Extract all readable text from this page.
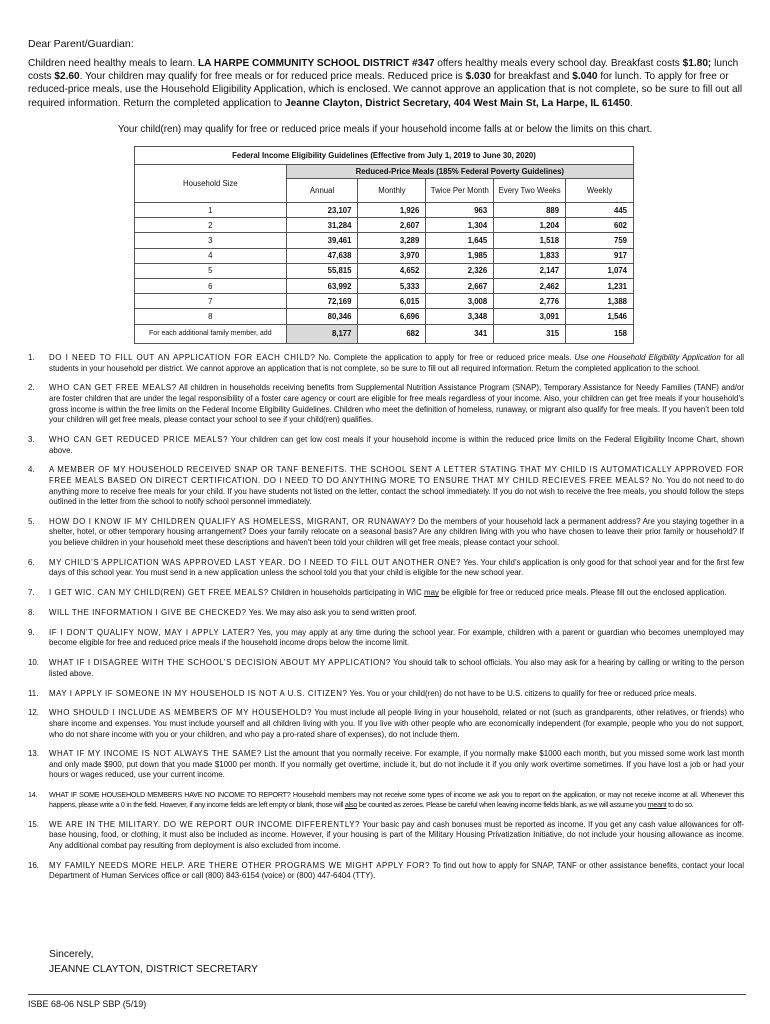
Dear Parent/Guardian:
Children need healthy meals to learn. LA HARPE COMMUNITY SCHOOL DISTRICT #347 offers healthy meals every school day. Breakfast costs $1.80; lunch costs $2.60. Your children may qualify for free meals or for reduced price meals. Reduced price is $.030 for breakfast and $.040 for lunch. To apply for free or reduced-price meals, use the Household Eligibility Application, which is enclosed. We cannot approve an application that is not complete, so be sure to fill out all required information. Return the completed application to Jeanne Clayton, District Secretary, 404 West Main St, La Harpe, IL 61450.
Your child(ren) may qualify for free or reduced price meals if your household income falls at or below the limits on this chart.
Federal Income Eligibility Guidelines (Effective from July 1, 2019 to June 30, 2020)					
Household Size	Reduced-Price Meals (185% Federal Poverty Guidelines)				
	Annual	Monthly	Twice Per Month	Every Two Weeks	Weekly
1	23,107	1,926	963	889	445
2	31,284	2,607	1,304	1,204	602
3	39,461	3,289	1,645	1,518	759
4	47,638	3,970	1,985	1,833	917
5	55,815	4,652	2,326	2,147	1,074
6	63,992	5,333	2,667	2,462	1,231
7	72,169	6,015	3,008	2,776	1,388
8	80,346	6,696	3,348	3,091	1,546
For each additional family member, add	8,177	682	341	315	158
1. DO I NEED TO FILL OUT AN APPLICATION FOR EACH CHILD? No. Complete the application to apply for free or reduced price meals. Use one Household Eligibility Application for all students in your household per district. We cannot approve an application that is not complete, so be sure to fill out all required information. Return the completed application to the school.
2. WHO CAN GET FREE MEALS? All children in households receiving benefits from Supplemental Nutrition Assistance Program (SNAP), Temporary Assistance for Needy Families (TANF) and/or are foster children that are under the legal responsibility of a foster care agency or court are eligible for free meals regardless of your income. Also, your children can get free meals if your household’s gross income is within the free limits on the Federal Income Eligibility Guidelines. Children who meet the definition of homeless, runaway, or migrant also qualify for free meals. If you haven’t been told your children will get free meals, please contact your school to see if your child(ren) qualifies.
3. WHO CAN GET REDUCED PRICE MEALS? Your children can get low cost meals if your household income is within the reduced price limits on the Federal Eligibility Income Chart, shown above.
4. A MEMBER OF MY HOUSEHOLD RECEIVED SNAP OR TANF BENEFITS. THE SCHOOL SENT A LETTER STATING THAT MY CHILD IS AUTOMATICALLY APPROVED FOR FREE MEALS BASED ON DIRECT CERTIFICATION. DO I NEED TO DO ANYTHING MORE TO ENSURE THAT MY CHILD RECIEVES FREE MEALS? No. You do not need to do anything more to receive free meals for your child. If you have students not listed on the letter, contact the school immediately. If you do not wish to receive the free meals, you should follow the steps outlined in the letter from the school to notify school personnel immediately.
5. HOW DO I KNOW IF MY CHILDREN QUALIFY AS HOMELESS, MIGRANT, OR RUNAWAY? Do the members of your household lack a permanent address? Are you staying together in a shelter, hotel, or other temporary housing arrangement? Does your family relocate on a seasonal basis? Are any children living with you who have chosen to leave their prior family or household? If you believe children in your household meet these descriptions and haven’t been told your children will get free meals, please contact your school.
6. MY CHILD’S APPLICATION WAS APPROVED LAST YEAR. DO I NEED TO FILL OUT ANOTHER ONE? Yes. Your child’s application is only good for that school year and for the first few days of this school year. You must send in a new application unless the school told you that your child is eligible for the new school year.
7. I GET WIC. CAN MY CHILD(REN) GET FREE MEALS? Children in households participating in WIC may be eligible for free or reduced price meals. Please fill out the enclosed application.
8. WILL THE INFORMATION I GIVE BE CHECKED? Yes. We may also ask you to send written proof.
9. IF I DON’T QUALIFY NOW, MAY I APPLY LATER? Yes, you may apply at any time during the school year. For example, children with a parent or guardian who becomes unemployed may become eligible for free and reduced price meals if the household income drops below the income limit.
10. WHAT IF I DISAGREE WITH THE SCHOOL’S DECISION ABOUT MY APPLICATION? You should talk to school officials. You also may ask for a hearing by calling or writing to the person listed above.
11. MAY I APPLY IF SOMEONE IN MY HOUSEHOLD IS NOT A U.S. CITIZEN? Yes. You or your child(ren) do not have to be U.S. citizens to qualify for free or reduced price meals.
12. WHO SHOULD I INCLUDE AS MEMBERS OF MY HOUSEHOLD? You must include all people living in your household, related or not (such as grandparents, other relatives, or friends) who share income and expenses. You must include yourself and all children living with you. If you live with other people who are economically independent (for example, people who you do not support, who do not share income with you or your children, and who pay a pro-rated share of expenses), do not include them.
13. WHAT IF MY INCOME IS NOT ALWAYS THE SAME? List the amount that you normally receive. For example, if you normally make $1000 each month, but you missed some work last month and only made $900, put down that you made $1000 per month. If you normally get overtime, include it, but do not include it if you only work overtime sometimes. If you have lost a job or had your hours or wages reduced, use your current income.
14. WHAT IF SOME HOUSEHOLD MEMBERS HAVE NO INCOME TO REPORT? Household members may not receive some types of income we ask you to report on the application, or may not receive income at all. Whenever this happens, please write a 0 in the field. However, if any income fields are left empty or blank, those will also be counted as zeroes. Please be careful when leaving income fields blank, as we will assume you meant to do so.
15. WE ARE IN THE MILITARY. DO WE REPORT OUR INCOME DIFFERENTLY? Your basic pay and cash bonuses must be reported as income. If you get any cash value allowances for off-base housing, food, or clothing, it must also be included as income. However, if your housing is part of the Military Housing Privatization Initiative, do not include your housing allowance as income. Any additional combat pay resulting from deployment is also excluded from income.
16. MY FAMILY NEEDS MORE HELP. ARE THERE OTHER PROGRAMS WE MIGHT APPLY FOR? To find out how to apply for SNAP, TANF or other assistance benefits, contact your local Department of Human Services office or call (800) 843-6154 (voice) or (800) 447-6404 (TTY).
Sincerely,
JEANNE CLAYTON, DISTRICT SECRETARY
ISBE 68-06 NSLP SBP (5/19)
